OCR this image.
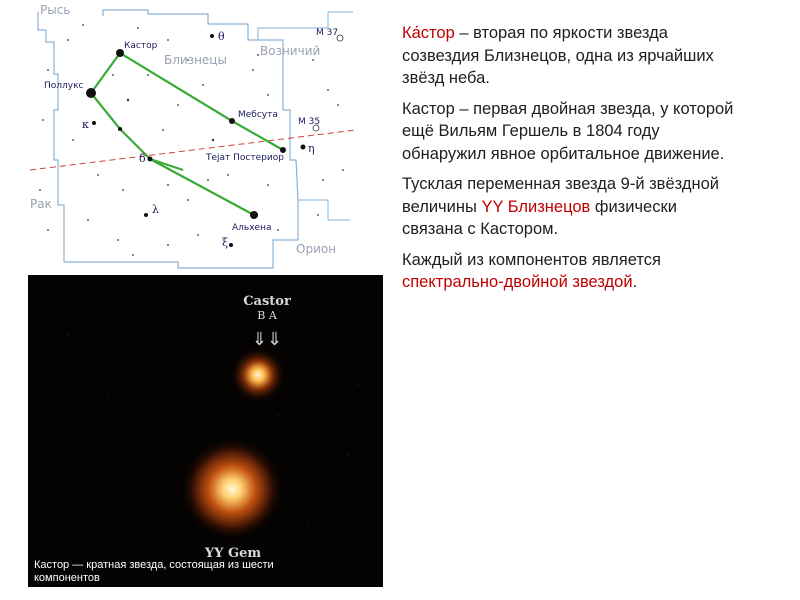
Рысь
Возничий
Рак
Орион
Близнецы
Кастор
Поллукс
Мебсута
Тејат Постериор
Альхена
θ
κ
δ
λ
ξ
η
M 37
M 35
Castor
B A
⇓⇓
YY Gem
Кастор — кратная звезда, состоящая из шести компонентов

Ка́стор – вторая по яркости звезда созвездия Близнецов, одна из ярчайших звёзд неба.

Кастор – первая двойная звезда, у которой ещё Вильям Гершель в 1804 году обнаружил явное орбитальное движение.

Тусклая переменная звезда 9-й звёздной величины YY Близнецов физически связана с Кастором.

Каждый из компонентов является спектрально-двойной звездой.
